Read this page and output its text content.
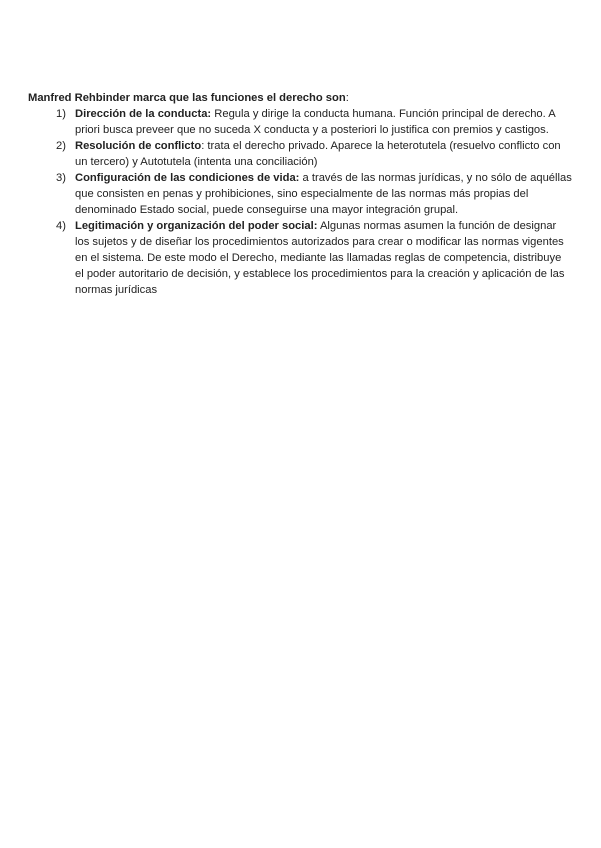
Manfred Rehbinder marca que las funciones el derecho son:

1) Dirección de la conducta: Regula y dirige la conducta humana. Función principal de derecho. A priori busca preveer que no suceda X conducta y a posteriori lo justifica con premios y castigos.
2) Resolución de conflicto: trata el derecho privado. Aparece la heterotutela (resuelvo conflicto con un tercero) y Autotutela (intenta una conciliación)
3) Configuración de las condiciones de vida: a través de las normas jurídicas, y no sólo de aquéllas que consisten en penas y prohibiciones, sino especialmente de las normas más propias del denominado Estado social, puede conseguirse una mayor integración grupal.
4) Legitimación y organización del poder social: Algunas normas asumen la función de designar los sujetos y de diseñar los procedimientos autorizados para crear o modificar las normas vigentes en el sistema. De este modo el Derecho, mediante las llamadas reglas de competencia, distribuye el poder autoritario de decisión, y establece los procedimientos para la creación y aplicación de las normas jurídicas
